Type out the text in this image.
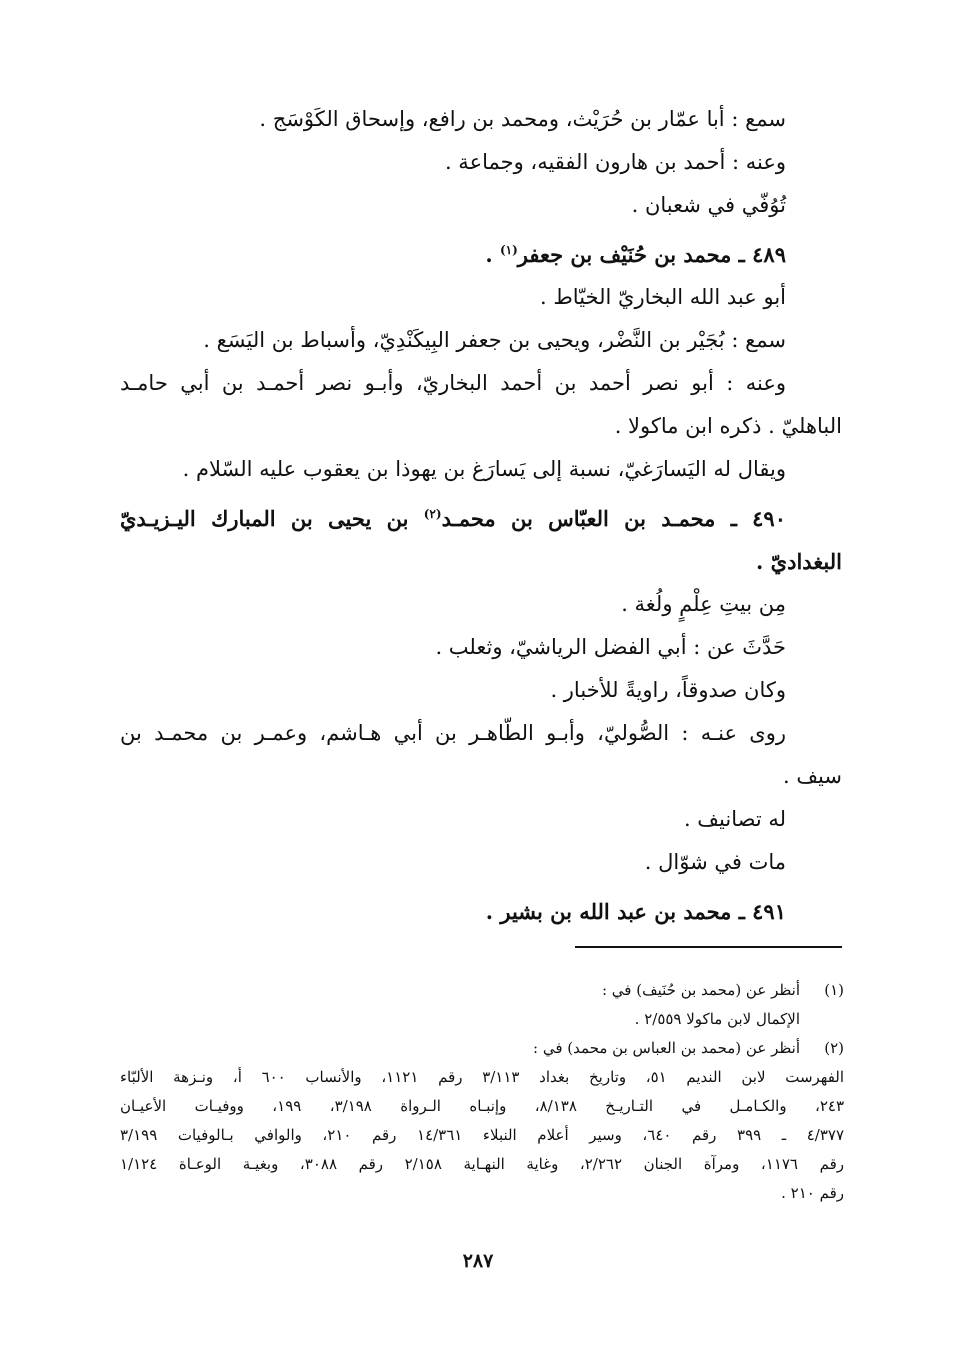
سمع : أبا عمّار بن حُرَيْث، ومحمد بن رافع، وإسحاق الكَوْسَج .
وعنه : أحمد بن هارون الفقيه، وجماعة .
تُوُفّي في شعبان .
٤٨٩ ـ محمد بن حُنَيْف بن جعفر$^{(١)}$ .
أبو عبد الله البخاريّ الخيّاط .
سمع : بُجَيْر بن النَّضْر، ويحيى بن جعفر البِيكَنْدِيّ، وأسباط بن اليَسَع .
وعنه : أبو نصر أحمد بن أحمد البخاريّ، وأبـو نصر أحمـد بن أبي حامـد
الباهليّ . ذكره ابن ماكولا .
ويقال له اليَسارَغيّ، نسبة إلى يَسارَغ بن يهوذا بن يعقوب عليه السّلام .
٤٩٠ ـ محمـد بن العبّاس بن محمـد$^{(٢)}$ بن يحيى بن المبارك اليـزيـديّ
البغداديّ .
مِن بيتِ عِلْمٍ ولُغة .
حَدَّثَ عن : أبي الفضل الرياشيّ، وثعلب .
وكان صدوقاً، راويةً للأخبار .
روى عنـه : الصُّوليّ، وأبـو الطّاهـر بن أبي هـاشم، وعمـر بن محمـد بن
سيف .
له تصانيف .
مات في شوّال .
٤٩١ ـ محمد بن عبد الله بن بشير .
(١)
أنظر عن (محمد بن حُنَيف) في :
الإكمال لابن ماكولا ٢/٥٥٩ .
(٢)
أنظر عن (محمد بن العباس بن محمد) في :
الفهرست لابن النديم ٥١، وتاريخ بغداد ٣/١١٣ رقم ١١٢١، والأنساب ٦٠٠ أ، ونـزهة الألبّاء
٢٤٣، والكـامـل في التـاريـخ ٨/١٣٨، وإنبـاه الـرواة ٣/١٩٨، ١٩٩، ووفيـات الأعيـان
٤/٣٧٧ ـ ٣٩٩ رقم ٦٤٠، وسير أعلام النبلاء ١٤/٣٦١ رقم ٢١٠، والوافي بـالوفيات ٣/١٩٩
رقم ١١٧٦، ومرآة الجنان ٢/٢٦٢، وغاية النهـاية ٢/١٥٨ رقم ٣٠٨٨، وبغيـة الوعـاة ١/١٢٤
رقم ٢١٠ .
٢٨٧
